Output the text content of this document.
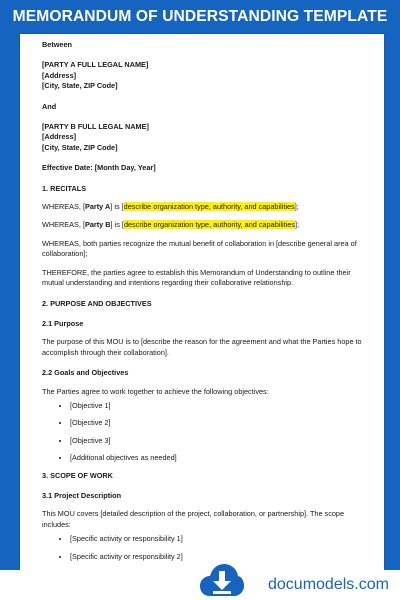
MEMORANDUM OF UNDERSTANDING TEMPLATE

Between

[PARTY A FULL LEGAL NAME]

[Address]

[City, State, ZIP Code]

And

[PARTY B FULL LEGAL NAME]

[Address]

[City, State, ZIP Code]

Effective Date: [Month Day, Year]

1. RECITALS

WHEREAS, [Party A] is [describe organization type, authority, and capabilities];

WHEREAS, [Party B] is [describe organization type, authority, and capabilities];

WHEREAS, both parties recognize the mutual benefit of collaboration in [describe general area of collaboration];

THEREFORE, the parties agree to establish this Memorandum of Understanding to outline their mutual understanding and intentions regarding their collaborative relationship.

2. PURPOSE AND OBJECTIVES

2.1 Purpose

The purpose of this MOU is to [describe the reason for the agreement and what the Parties hope to accomplish through their collaboration].

2.2 Goals and Objectives

The Parties agree to work together to achieve the following objectives:

• [Objective 1]
• [Objective 2]
• [Objective 3]
• [Additional objectives as needed]

3. SCOPE OF WORK

3.1 Project Description

This MOU covers [detailed description of the project, collaboration, or partnership]. The scope includes:

• [Specific activity or responsibility 1]
• [Specific activity or responsibility 2]
•
documodels.com
